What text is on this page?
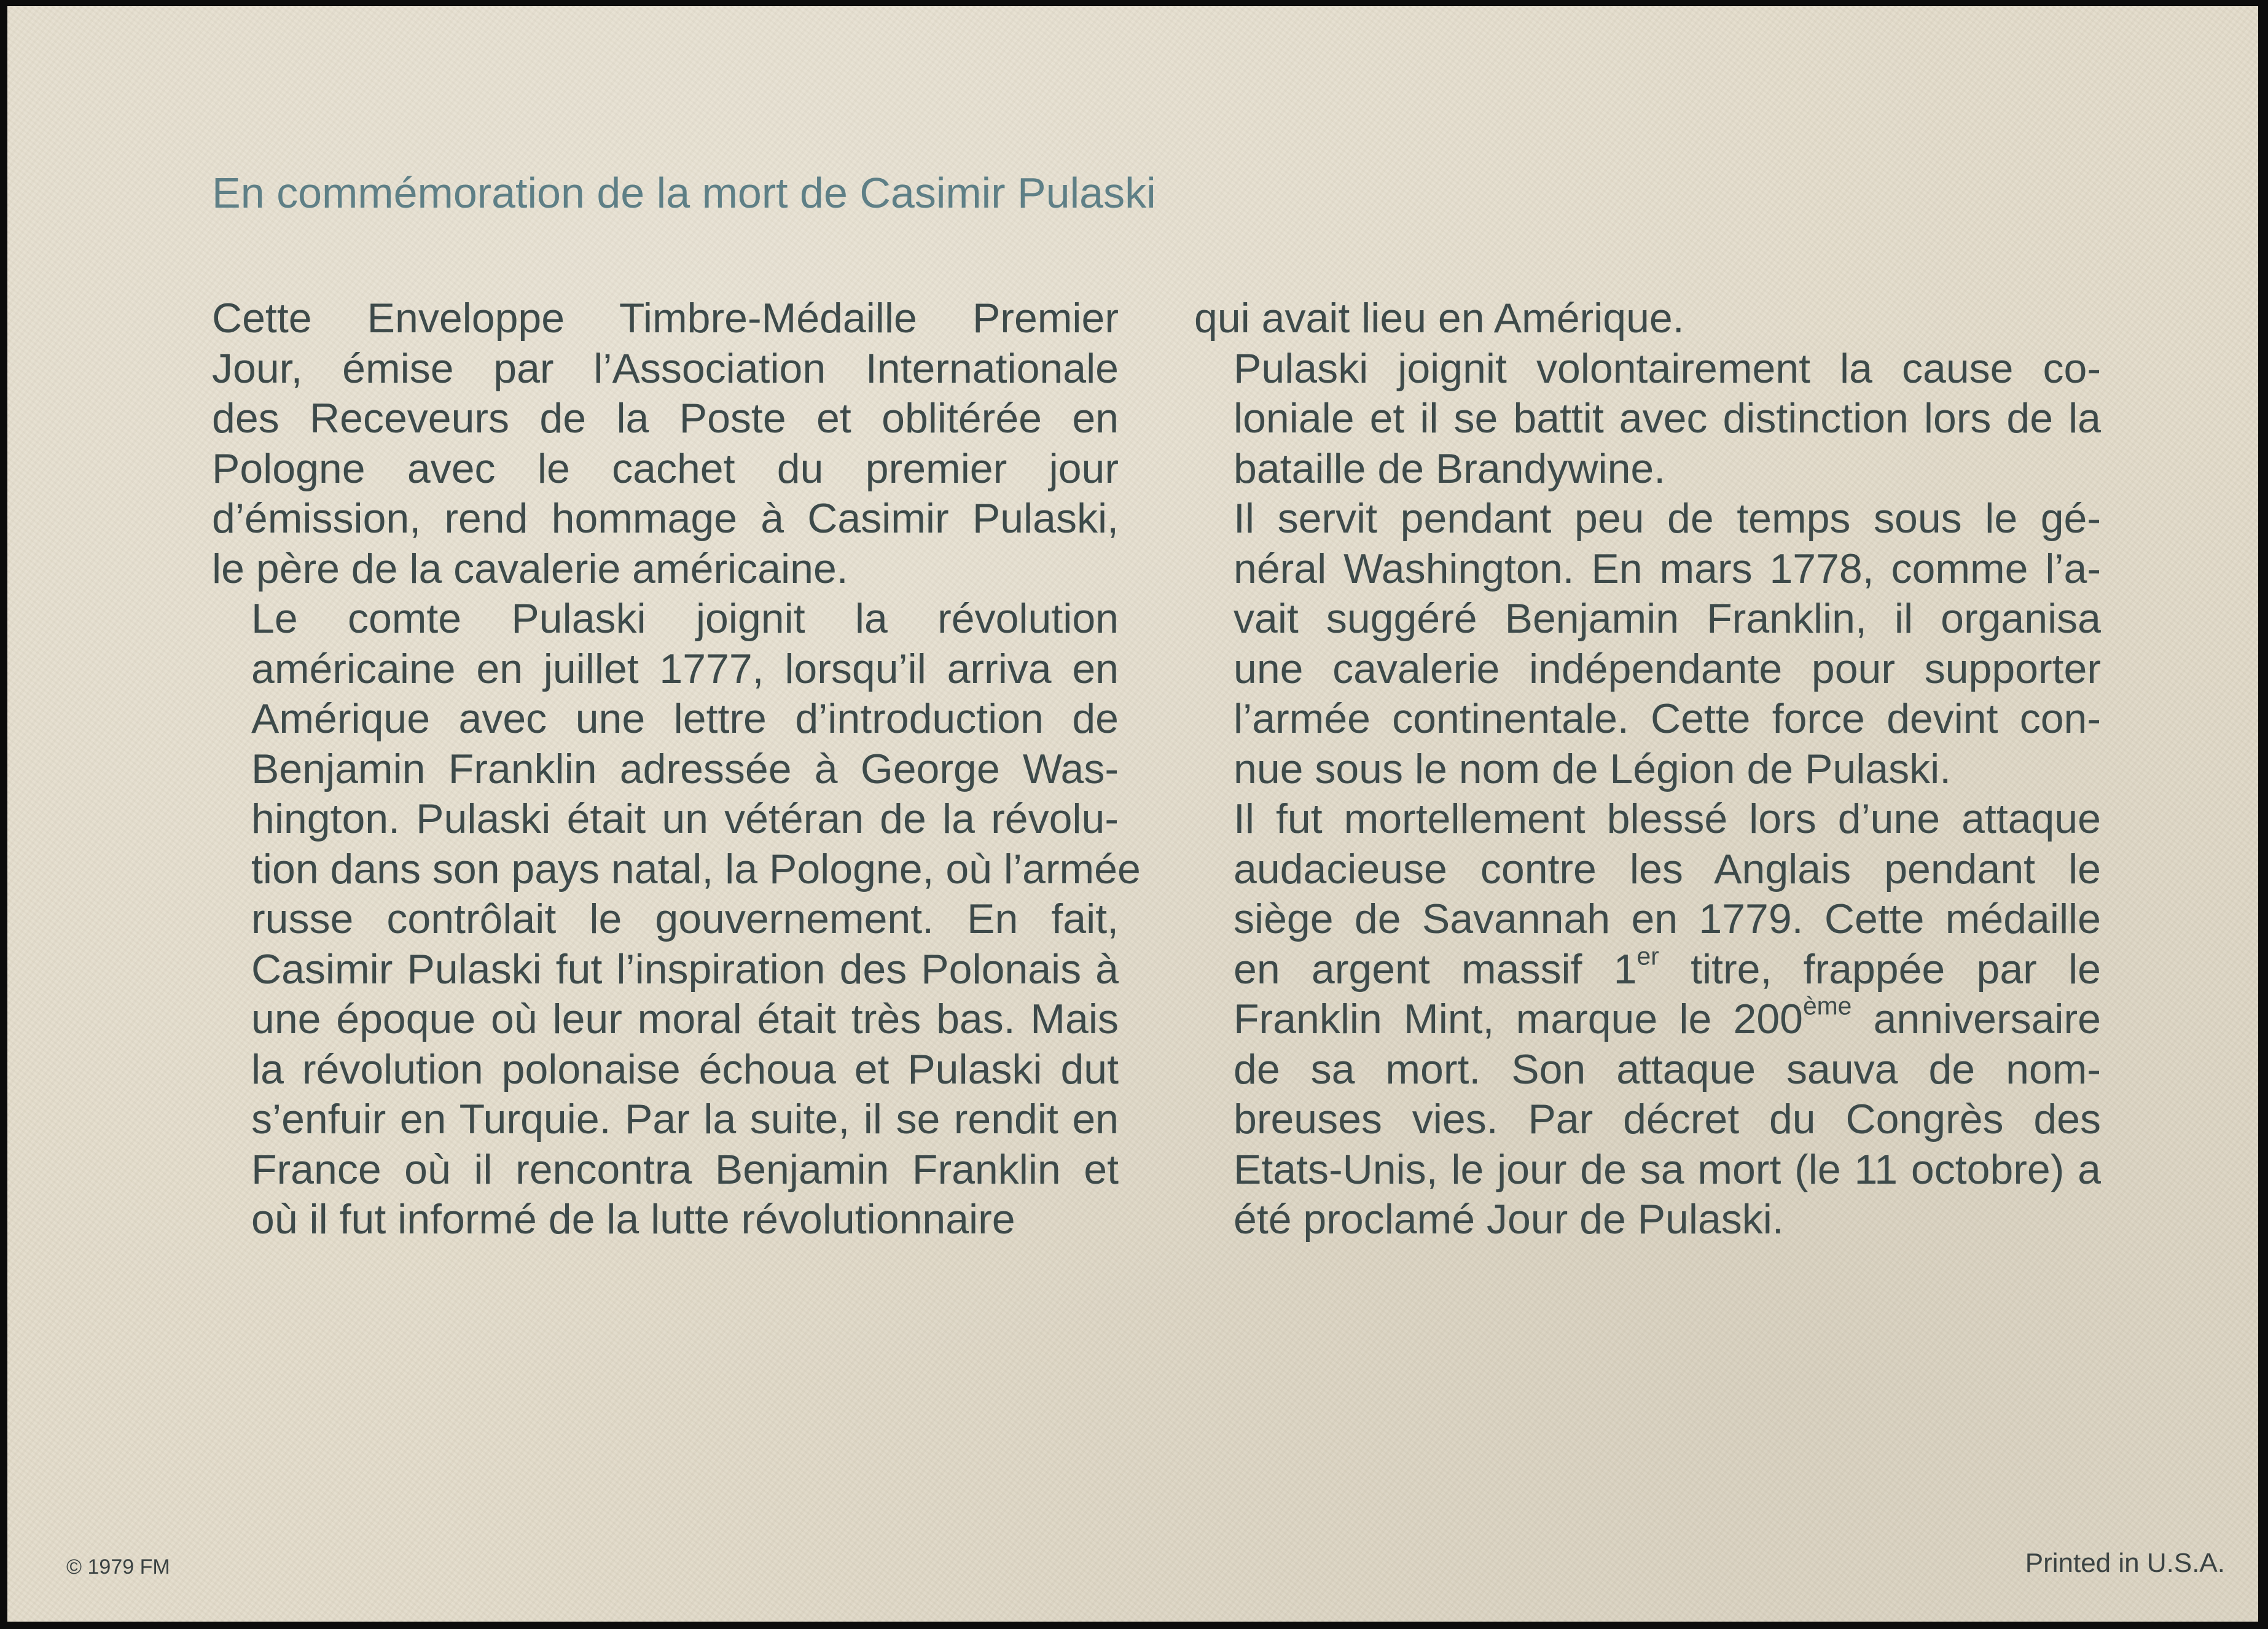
En commémoration de la mort de Casimir Pulaski

Cette Enveloppe Timbre-Médaille Premier
Jour, émise par l’Association Internationale
des Receveurs de la Poste et oblitérée en
Pologne avec le cachet du premier jour
d’émission, rend hommage à Casimir Pulaski,
le père de la cavalerie américaine.

Le comte Pulaski joignit la révolution
américaine en juillet 1777, lorsqu’il arriva en
Amérique avec une lettre d’introduction de
Benjamin Franklin adressée à George Was-
hington. Pulaski était un vétéran de la révolu-
tion dans son pays natal, la Pologne, où l’armée
russe contrôlait le gouvernement. En fait,
Casimir Pulaski fut l’inspiration des Polonais à
une époque où leur moral était très bas. Mais
la révolution polonaise échoua et Pulaski dut
s’enfuir en Turquie. Par la suite, il se rendit en
France où il rencontra Benjamin Franklin et
où il fut informé de la lutte révolutionnaire

qui avait lieu en Amérique.

Pulaski joignit volontairement la cause co-
loniale et il se battit avec distinction lors de la
bataille de Brandywine.

Il servit pendant peu de temps sous le gé-
néral Washington. En mars 1778, comme l’a-
vait suggéré Benjamin Franklin, il organisa
une cavalerie indépendante pour supporter
l’armée continentale. Cette force devint con-
nue sous le nom de Légion de Pulaski.

Il fut mortellement blessé lors d’une attaque
audacieuse contre les Anglais pendant le
siège de Savannah en 1779. Cette médaille
en argent massif 1er titre, frappée par le
Franklin Mint, marque le 200ème anniversaire
de sa mort. Son attaque sauva de nom-
breuses vies. Par décret du Congrès des
Etats-Unis, le jour de sa mort (le 11 octobre) a
été proclamé Jour de Pulaski.

© 1979 FM	Printed in U.S.A.
